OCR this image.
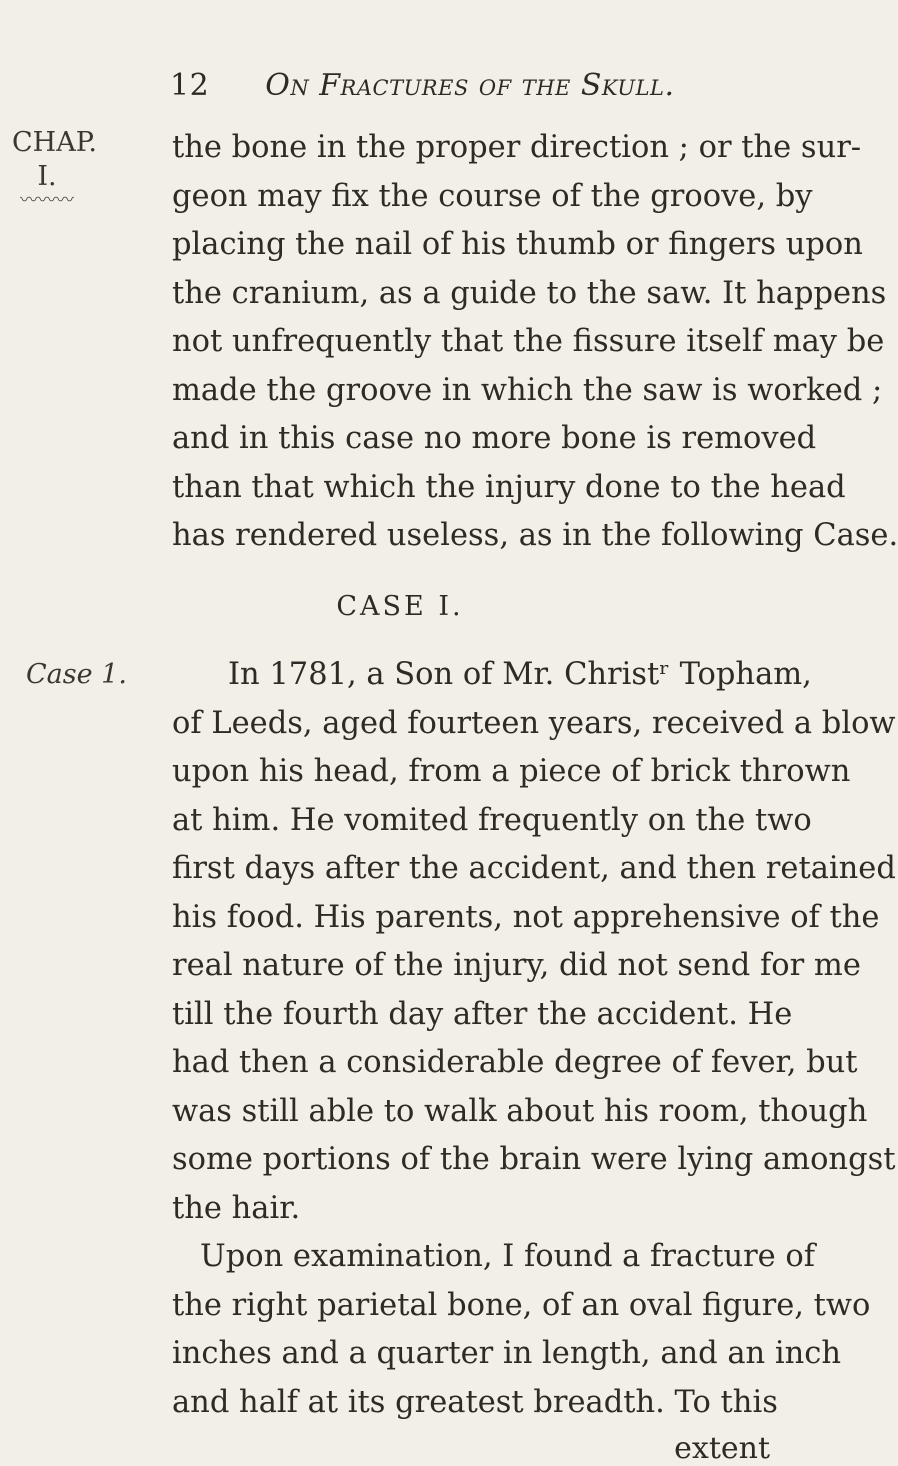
12 On Fractures of the Skull.
CHAP.
I.
〰〰〰
the bone in the proper direction ; or the sur-
geon may fix the course of the groove, by
placing the nail of his thumb or fingers upon
the cranium, as a guide to the saw. It happens
not unfrequently that the fissure itself may be
made the groove in which the saw is worked ;
and in this case no more bone is removed
than that which the injury done to the head
has rendered useless, as in the following Case.
CASE I.
Case 1.	In 1781, a Son of Mr. Christʳ Topham,
of Leeds, aged fourteen years, received a blow
upon his head, from a piece of brick thrown
at him. He vomited frequently on the two
first days after the accident, and then retained
his food. His parents, not apprehensive of the
real nature of the injury, did not send for me
till the fourth day after the accident. He
had then a considerable degree of fever, but
was still able to walk about his room, though
some portions of the brain were lying amongst
the hair.
Upon examination, I found a fracture of
the right parietal bone, of an oval figure, two
inches and a quarter in length, and an inch
and half at its greatest breadth. To this
extent
